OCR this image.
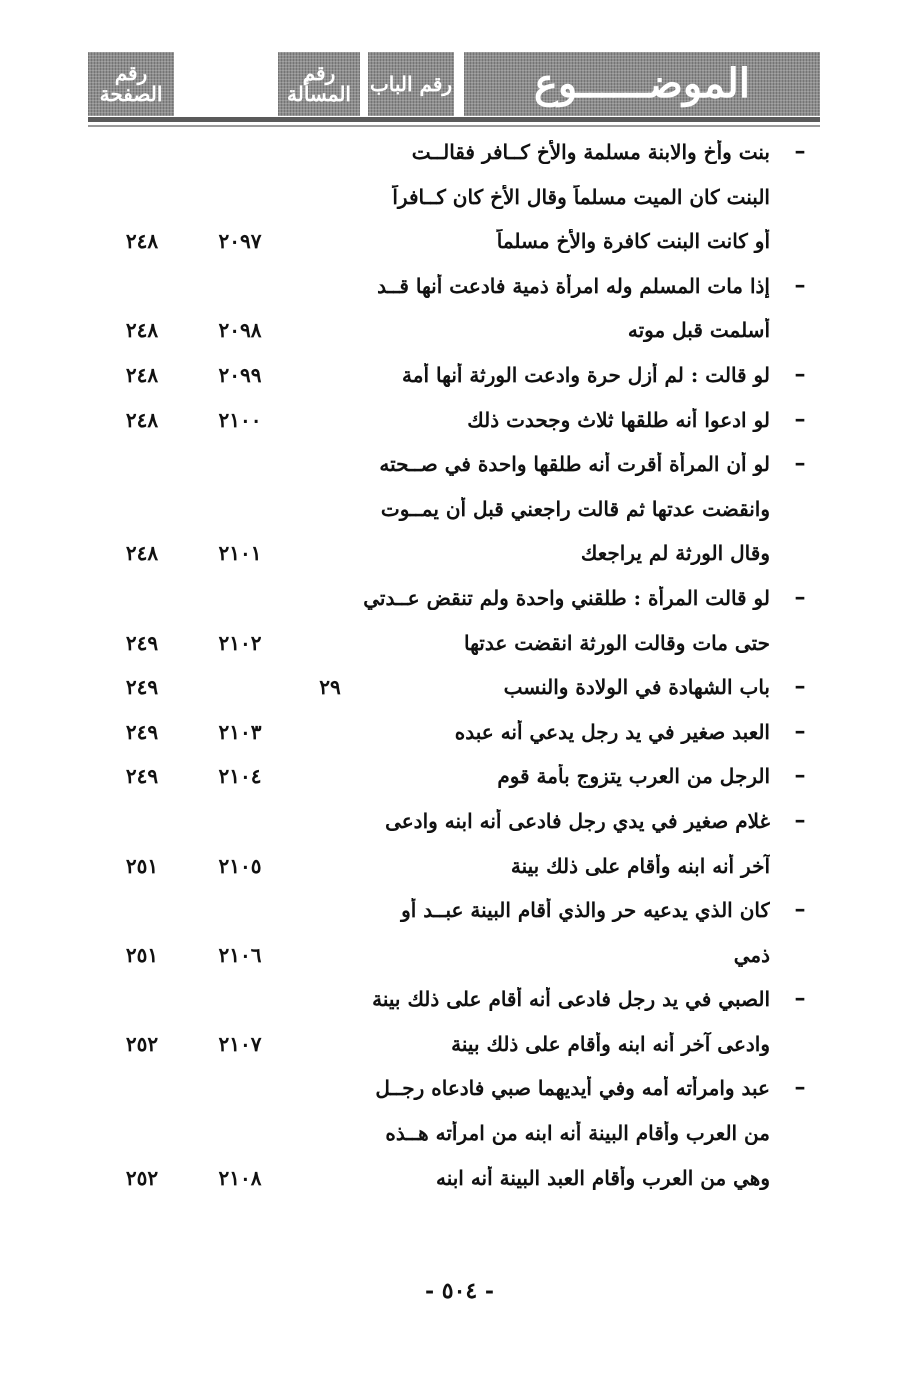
الموضــــــوع
رقم الباب
رقم المسألة
رقم الصفحة
–
بنت وأخ والابنة مسلمة والأخ كــافر فقالــت
البنت كان الميت مسلماً وقال الأخ كان كــافراً
أو كانت البنت كافرة والأخ مسلماً
٢٠٩٧
٢٤٨
–
إذا مات المسلم وله امرأة ذمية فادعت أنها قــد
أسلمت قبل موته
٢٠٩٨
٢٤٨
–
لو قالت : لم أزل حرة وادعت الورثة أنها أمة
٢٠٩٩
٢٤٨
–
لو ادعوا أنه طلقها ثلاث وجحدت ذلك
٢١٠٠
٢٤٨
–
لو أن المرأة أقرت أنه طلقها واحدة في صــحته
وانقضت عدتها ثم قالت راجعني قبل أن يمــوت
وقال الورثة لم يراجعك
٢١٠١
٢٤٨
–
لو قالت المرأة : طلقني واحدة ولم تنقض عــدتي
حتى مات وقالت الورثة انقضت عدتها
٢١٠٢
٢٤٩
–
باب الشهادة في الولادة والنسب
٢٩
٢٤٩
–
العبد صغير في يد رجل يدعي أنه عبده
٢١٠٣
٢٤٩
–
الرجل من العرب يتزوج بأمة قوم
٢١٠٤
٢٤٩
–
غلام صغير في يدي رجل فادعى أنه ابنه وادعى
آخر أنه ابنه وأقام على ذلك بينة
٢١٠٥
٢٥١
–
كان الذي يدعيه حر والذي أقام البينة عبــد أو
ذمي
٢١٠٦
٢٥١
–
الصبي في يد رجل فادعى أنه أقام على ذلك بينة
وادعى آخر أنه ابنه وأقام على ذلك بينة
٢١٠٧
٢٥٢
–
عبد وامرأته أمه وفي أيديهما صبي فادعاه رجــل
من العرب وأقام البينة أنه ابنه من امرأته هــذه
وهي من العرب وأقام العبد البينة أنه ابنه
٢١٠٨
٢٥٢
- ٥٠٤ -
